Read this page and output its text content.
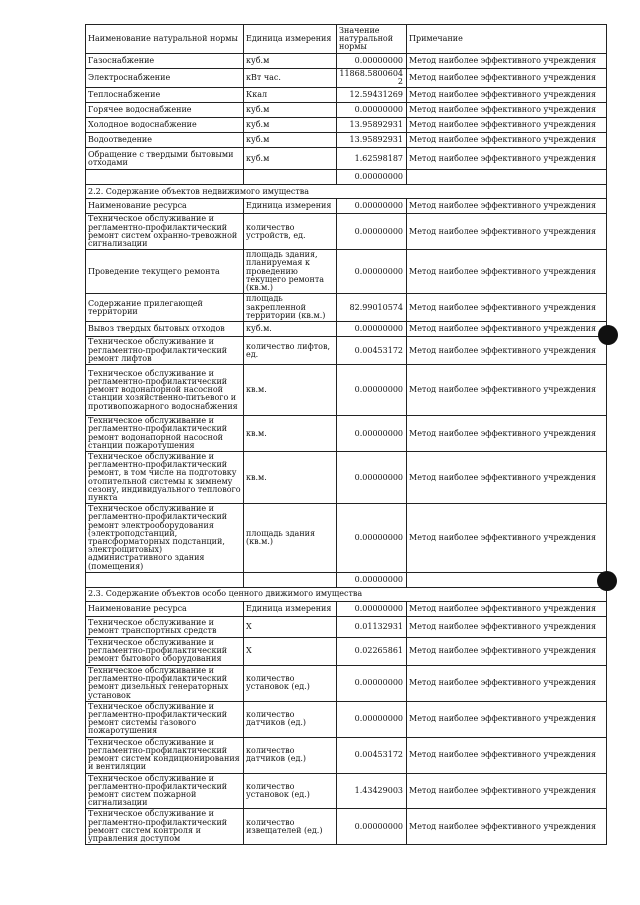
Наименование натуральной нормы	Единица измерения	Значение натуральной нормы	Примечание
Газоснабжение	куб.м	0.00000000	Метод наиболее эффективного учреждения
Электроснабжение	кВт час.	11868.58006042	Метод наиболее эффективного учреждения
Теплоснабжение	Ккал	12.59431269	Метод наиболее эффективного учреждения
Горячее водоснабжение	куб.м	0.00000000	Метод наиболее эффективного учреждения
Холодное водоснабжение	куб.м	13.95892931	Метод наиболее эффективного учреждения
Водоотведение	куб.м	13.95892931	Метод наиболее эффективного учреждения
Обращение с твердыми бытовыми отходами	куб.м	1.62598187	Метод наиболее эффективного учреждения
		0.00000000	
2.2. Содержание объектов недвижимого имущества			
Наименование ресурса	Единица измерения	0.00000000	Метод наиболее эффективного учреждения
Техническое обслуживание и регламентно-профилактический ремонт систем охранно-тревожной сигнализации	количество устройств, ед.	0.00000000	Метод наиболее эффективного учреждения
Проведение текущего ремонта	площадь здания, планируемая к проведению текущего ремонта (кв.м.)	0.00000000	Метод наиболее эффективного учреждения
Содержание прилегающей территории	площадь закрепленной территории (кв.м.)	82.99010574	Метод наиболее эффективного учреждения
Вывоз твердых бытовых отходов	куб.м.	0.00000000	Метод наиболее эффективного учреждения
Техническое обслуживание и регламентно-профилактический ремонт лифтов	количество лифтов, ед.	0.00453172	Метод наиболее эффективного учреждения
Техническое обслуживание и регламентно-профилактический ремонт водонапорной насосной станции хозяйственно-питьевого и противопожарного водоснабжения	кв.м.	0.00000000	Метод наиболее эффективного учреждения
Техническое обслуживание и регламентно-профилактический ремонт водонапорной насосной станции пожаротушения	кв.м.	0.00000000	Метод наиболее эффективного учреждения
Техническое обслуживание и регламентно-профилактический ремонт, в том числе на подготовку отопительной системы к зимнему сезону, индивидуального теплового пункта	кв.м.	0.00000000	Метод наиболее эффективного учреждения
Техническое обслуживание и регламентно-профилактический ремонт электрооборудования (электроподстанций, трансформаторных подстанций, электрощитовых) административного здания (помещения)	площадь здания (кв.м.)	0.00000000	Метод наиболее эффективного учреждения
		0.00000000	
2.3. Содержание объектов особо ценного движимого имущества			
Наименование ресурса	Единица измерения	0.00000000	Метод наиболее эффективного учреждения
Техническое обслуживание и ремонт транспортных средств	X	0.01132931	Метод наиболее эффективного учреждения
Техническое обслуживание и регламентно-профилактический ремонт бытового оборудования	X	0.02265861	Метод наиболее эффективного учреждения
Техническое обслуживание и регламентно-профилактический ремонт дизельных генераторных установок	количество установок (ед.)	0.00000000	Метод наиболее эффективного учреждения
Техническое обслуживание и регламентно-профилактический ремонт системы газового пожаротушения	количество датчиков (ед.)	0.00000000	Метод наиболее эффективного учреждения
Техническое обслуживание и регламентно-профилактический ремонт систем кондиционирования и вентиляции	количество датчиков (ед.)	0.00453172	Метод наиболее эффективного учреждения
Техническое обслуживание и регламентно-профилактический ремонт систем пожарной сигнализации	количество установок (ед.)	1.43429003	Метод наиболее эффективного учреждения
Техническое обслуживание и регламентно-профилактический ремонт систем контроля и управления доступом	количество извещателей (ед.)	0.00000000	Метод наиболее эффективного учреждения
